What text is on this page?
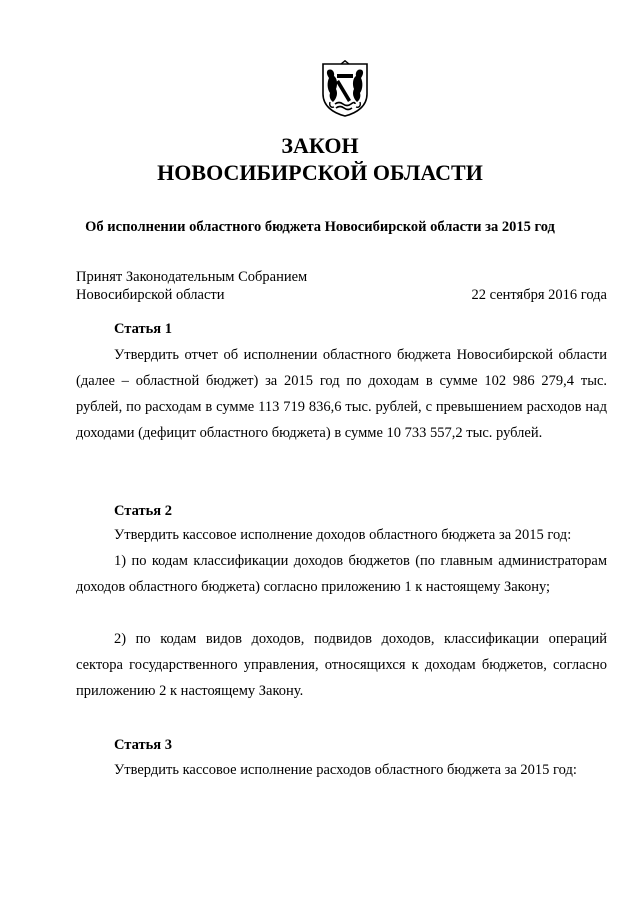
ЗАКОН
НОВОСИБИРСКОЙ ОБЛАСТИ
Об исполнении областного бюджета Новосибирской области за 2015 год
Принят Законодательным Собранием
Новосибирской области	22 сентября 2016 года
Статья 1

Утвердить отчет об исполнении областного бюджета Новосибирской области (далее – областной бюджет) за 2015 год по доходам в сумме 102 986 279,4 тыс. рублей, по расходам в сумме 113 719 836,6 тыс. рублей, с превышением расходов над доходами (дефицит областного бюджета) в сумме 10 733 557,2 тыс. рублей.

Статья 2

Утвердить кассовое исполнение доходов областного бюджета за 2015 год:

1) по кодам классификации доходов бюджетов (по главным администраторам доходов областного бюджета) согласно приложению 1 к настоящему Закону;

2) по кодам видов доходов, подвидов доходов, классификации операций сектора государственного управления, относящихся к доходам бюджетов, согласно приложению 2 к настоящему Закону.

Статья 3

Утвердить кассовое исполнение расходов областного бюджета за 2015 год:
